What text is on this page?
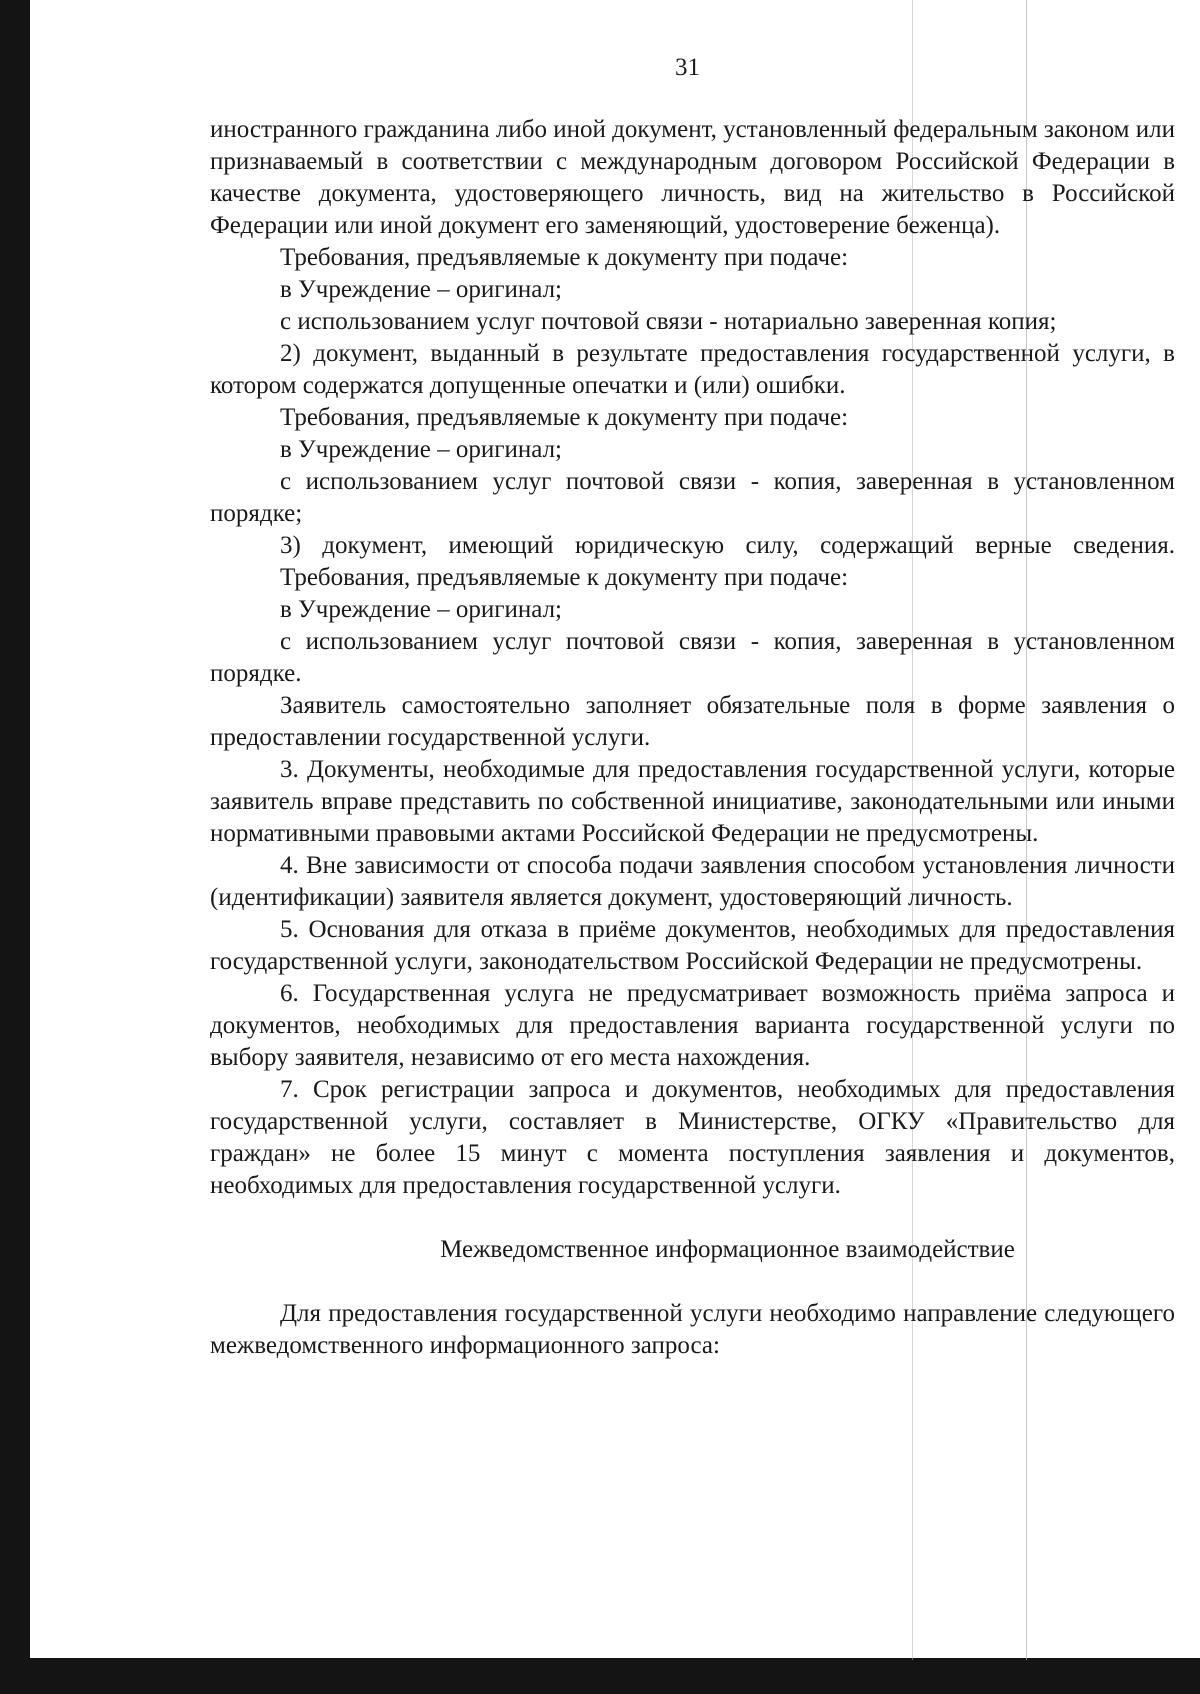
31

иностранного гражданина либо иной документ, установленный федеральным законом или признаваемый в соответствии с международным договором Российской Федерации в качестве документа, удостоверяющего личность, вид на жительство в Российской Федерации или иной документ его заменяющий, удостоверение беженца).

Требования, предъявляемые к документу при подаче:

в Учреждение – оригинал;

с использованием услуг почтовой связи - нотариально заверенная копия;

2) документ, выданный в результате предоставления государственной услуги, в котором содержатся допущенные опечатки и (или) ошибки.

Требования, предъявляемые к документу при подаче:

в Учреждение – оригинал;

с использованием услуг почтовой связи - копия, заверенная в установленном порядке;

3) документ, имеющий юридическую силу, содержащий верные сведения.

Требования, предъявляемые к документу при подаче:

в Учреждение – оригинал;

с использованием услуг почтовой связи - копия, заверенная в установленном порядке.

Заявитель самостоятельно заполняет обязательные поля в форме заявления о предоставлении государственной услуги.

3. Документы, необходимые для предоставления государственной услуги, которые заявитель вправе представить по собственной инициативе, законодательными или иными нормативными правовыми актами Российской Федерации не предусмотрены.

4. Вне зависимости от способа подачи заявления способом установления личности (идентификации) заявителя является документ, удостоверяющий личность.

5. Основания для отказа в приёме документов, необходимых для предоставления государственной услуги, законодательством Российской Федерации не предусмотрены.

6. Государственная услуга не предусматривает возможность приёма запроса и документов, необходимых для предоставления варианта государственной услуги по выбору заявителя, независимо от его места нахождения.

7. Срок регистрации запроса и документов, необходимых для предоставления государственной услуги, составляет в Министерстве, ОГКУ «Правительство для граждан» не более 15 минут с момента поступления заявления и документов, необходимых для предоставления государственной услуги.

Межведомственное информационное взаимодействие

Для предоставления государственной услуги необходимо направление следующего межведомственного информационного запроса:
